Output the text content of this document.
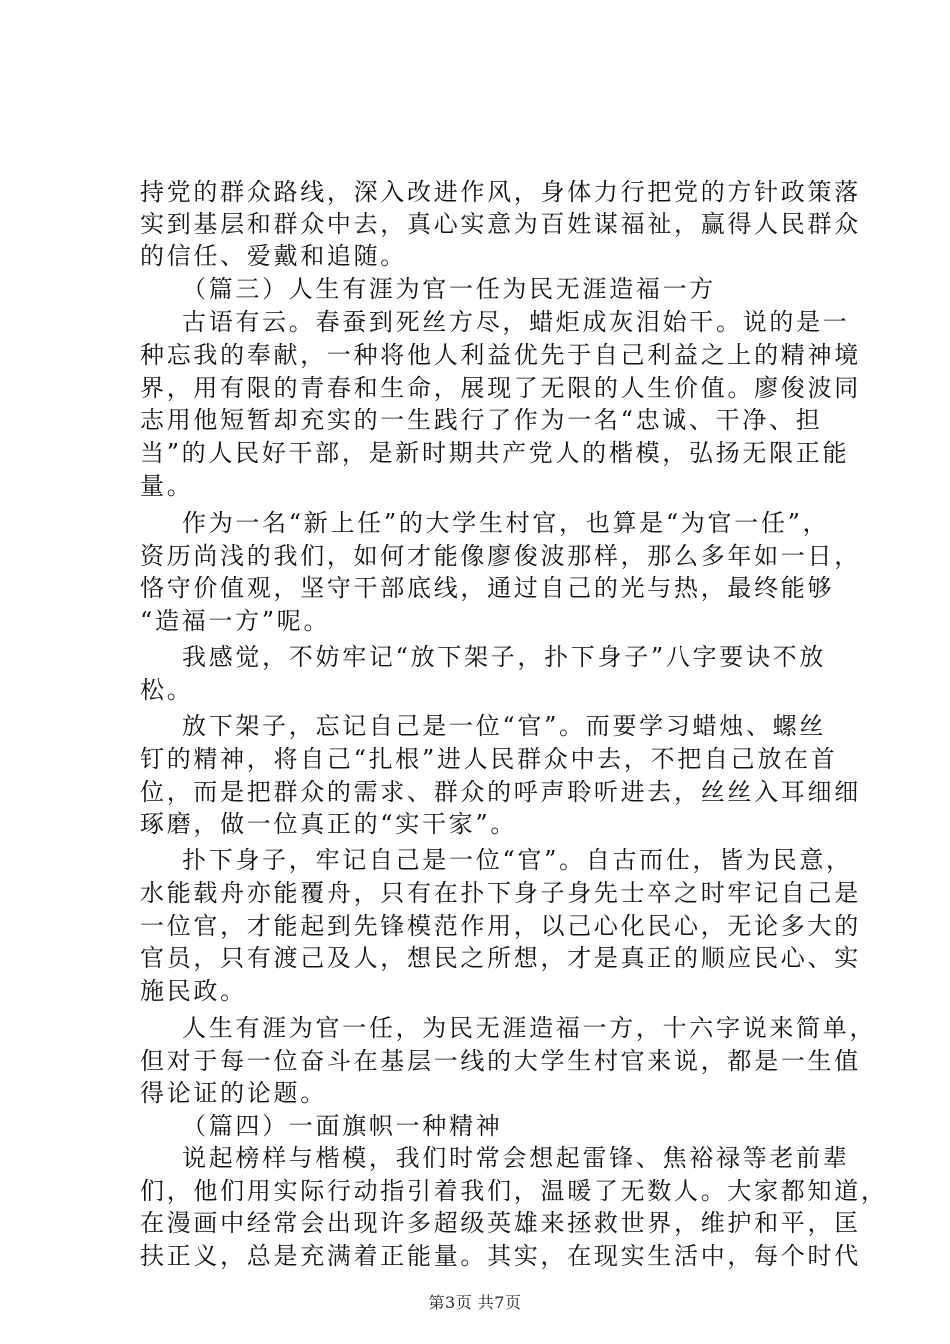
持党的群众路线，深入改进作风，身体力行把党的方针政策落
实到基层和群众中去，真心实意为百姓谋福祉，赢得人民群众
的信任、爱戴和追随。
（篇三）人生有涯为官一任为民无涯造福一方
古语有云。春蚕到死丝方尽，蜡炬成灰泪始干。说的是一
种忘我的奉献，一种将他人利益优先于自己利益之上的精神境
界，用有限的青春和生命，展现了无限的人生价值。廖俊波同
志用他短暂却充实的一生践行了作为一名“忠诚、干净、担
当”的人民好干部，是新时期共产党人的楷模，弘扬无限正能
量。
作为一名“新上任”的大学生村官，也算是“为官一任”，
资历尚浅的我们，如何才能像廖俊波那样，那么多年如一日，
恪守价值观，坚守干部底线，通过自己的光与热，最终能够
“造福一方”呢。
我感觉，不妨牢记“放下架子，扑下身子”八字要诀不放
松。
放下架子，忘记自己是一位“官”。而要学习蜡烛、螺丝
钉的精神，将自己“扎根”进人民群众中去，不把自己放在首
位，而是把群众的需求、群众的呼声聆听进去，丝丝入耳细细
琢磨，做一位真正的“实干家”。
扑下身子，牢记自己是一位“官”。自古而仕，皆为民意，
水能载舟亦能覆舟，只有在扑下身子身先士卒之时牢记自己是
一位官，才能起到先锋模范作用，以己心化民心，无论多大的
官员，只有渡己及人，想民之所想，才是真正的顺应民心、实
施民政。
人生有涯为官一任，为民无涯造福一方，十六字说来简单，
但对于每一位奋斗在基层一线的大学生村官来说，都是一生值
得论证的论题。
（篇四）一面旗帜一种精神
说起榜样与楷模，我们时常会想起雷锋、焦裕禄等老前辈
们，他们用实际行动指引着我们，温暖了无数人。大家都知道，
在漫画中经常会出现许多超级英雄来拯救世界，维护和平，匡
扶正义，总是充满着正能量。其实，在现实生活中，每个时代
第3页 共7页
